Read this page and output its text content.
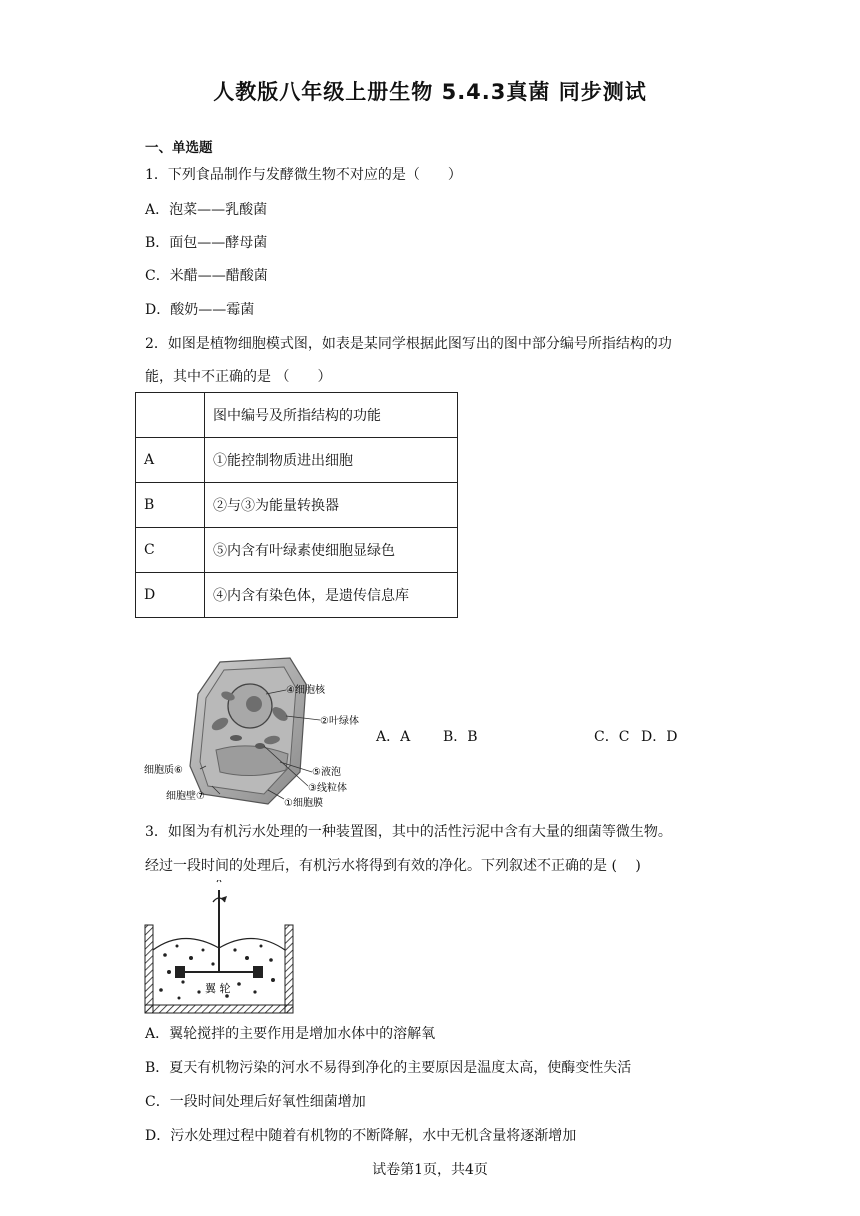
人教版八年级上册生物 5.4.3真菌 同步测试
一、单选题
1．下列食品制作与发酵微生物不对应的是（　　）
A．泡菜——乳酸菌
B．面包——酵母菌
C．米醋——醋酸菌
D．酸奶——霉菌
2．如图是植物细胞模式图，如表是某同学根据此图写出的图中部分编号所指结构的功
能，其中不正确的是 （　　）
	图中编号及所指结构的功能
A	①能控制物质进出细胞
B	②与③为能量转换器
C	⑤内含有叶绿素使细胞显绿色
D	④内含有染色体，是遗传信息库
④细胞核
②叶绿体
细胞质⑥	⑤液泡
细胞壁⑦
③线粒体
①细胞膜
A．A B．B	C．C D．D
3．如图为有机污水处理的一种装置图，其中的活性污泥中含有大量的细菌等微生物。
经过一段时间的处理后，有机污水将得到有效的净化。下列叙述不正确的是 (　 )
翼 轮
A．翼轮搅拌的主要作用是增加水体中的溶解氧
B．夏天有机物污染的河水不易得到净化的主要原因是温度太高，使酶变性失活
C．一段时间处理后好氧性细菌增加
D．污水处理过程中随着有机物的不断降解，水中无机含量将逐渐增加
试卷第1页，共4页
